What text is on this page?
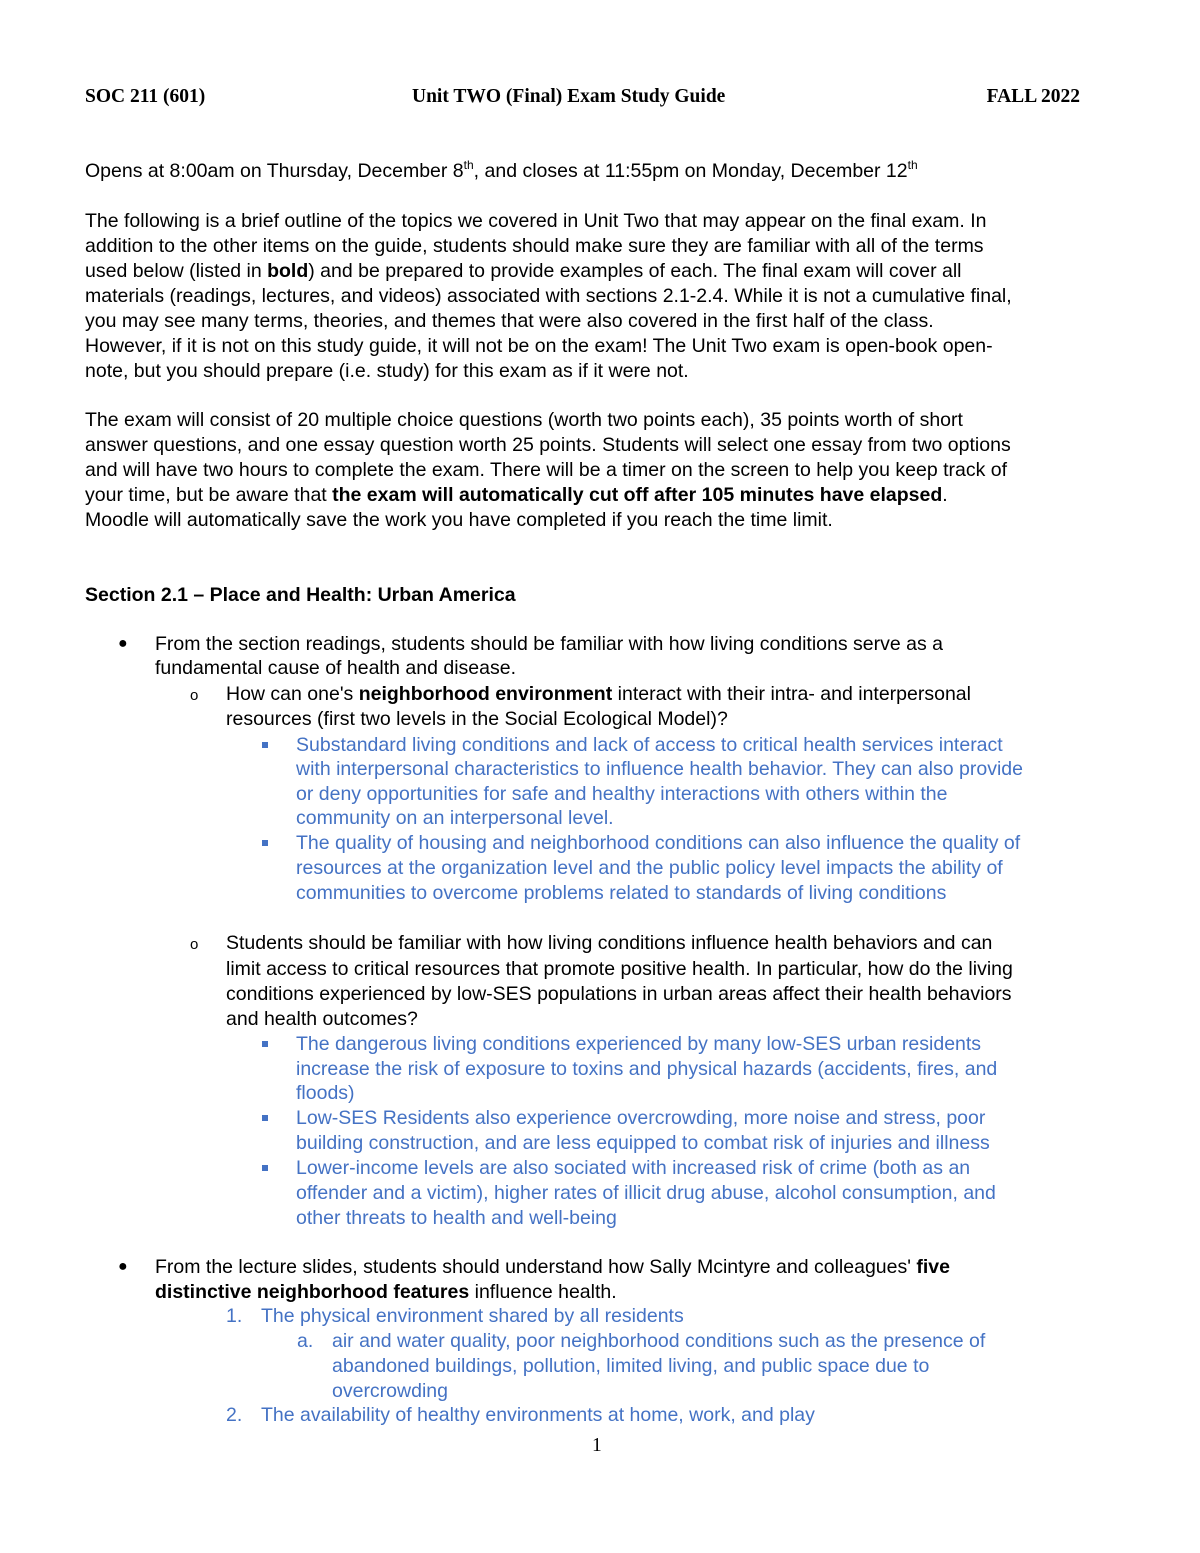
SOC 211 (601)	Unit TWO (Final) Exam Study Guide	FALL 2022
Opens at 8:00am on Thursday, December 8th, and closes at 11:55pm on Monday, December 12th
The following is a brief outline of the topics we covered in Unit Two that may appear on the final exam. In
addition to the other items on the guide, students should make sure they are familiar with all of the terms
used below (listed in bold) and be prepared to provide examples of each. The final exam will cover all
materials (readings, lectures, and videos) associated with sections 2.1-2.4. While it is not a cumulative final,
you may see many terms, theories, and themes that were also covered in the first half of the class.
However, if it is not on this study guide, it will not be on the exam! The Unit Two exam is open-book open-
note, but you should prepare (i.e. study) for this exam as if it were not.
The exam will consist of 20 multiple choice questions (worth two points each), 35 points worth of short
answer questions, and one essay question worth 25 points. Students will select one essay from two options
and will have two hours to complete the exam. There will be a timer on the screen to help you keep track of
your time, but be aware that the exam will automatically cut off after 105 minutes have elapsed.
Moodle will automatically save the work you have completed if you reach the time limit.
Section 2.1 – Place and Health: Urban America
● From the section readings, students should be familiar with how living conditions serve as a
fundamental cause of health and disease.
o How can one's neighborhood environment interact with their intra- and interpersonal
resources (first two levels in the Social Ecological Model)?
Substandard living conditions and lack of access to critical health services interact
with interpersonal characteristics to influence health behavior. They can also provide
or deny opportunities for safe and healthy interactions with others within the
community on an interpersonal level.
The quality of housing and neighborhood conditions can also influence the quality of
resources at the organization level and the public policy level impacts the ability of
communities to overcome problems related to standards of living conditions
o Students should be familiar with how living conditions influence health behaviors and can
limit access to critical resources that promote positive health. In particular, how do the living
conditions experienced by low-SES populations in urban areas affect their health behaviors
and health outcomes?
The dangerous living conditions experienced by many low-SES urban residents
increase the risk of exposure to toxins and physical hazards (accidents, fires, and
floods)
Low-SES Residents also experience overcrowding, more noise and stress, poor
building construction, and are less equipped to combat risk of injuries and illness
Lower-income levels are also sociated with increased risk of crime (both as an
offender and a victim), higher rates of illicit drug abuse, alcohol consumption, and
other threats to health and well-being
● From the lecture slides, students should understand how Sally Mcintyre and colleagues' five
distinctive neighborhood features influence health.
1. The physical environment shared by all residents
a. air and water quality, poor neighborhood conditions such as the presence of
abandoned buildings, pollution, limited living, and public space due to
overcrowding
2. The availability of healthy environments at home, work, and play
1
